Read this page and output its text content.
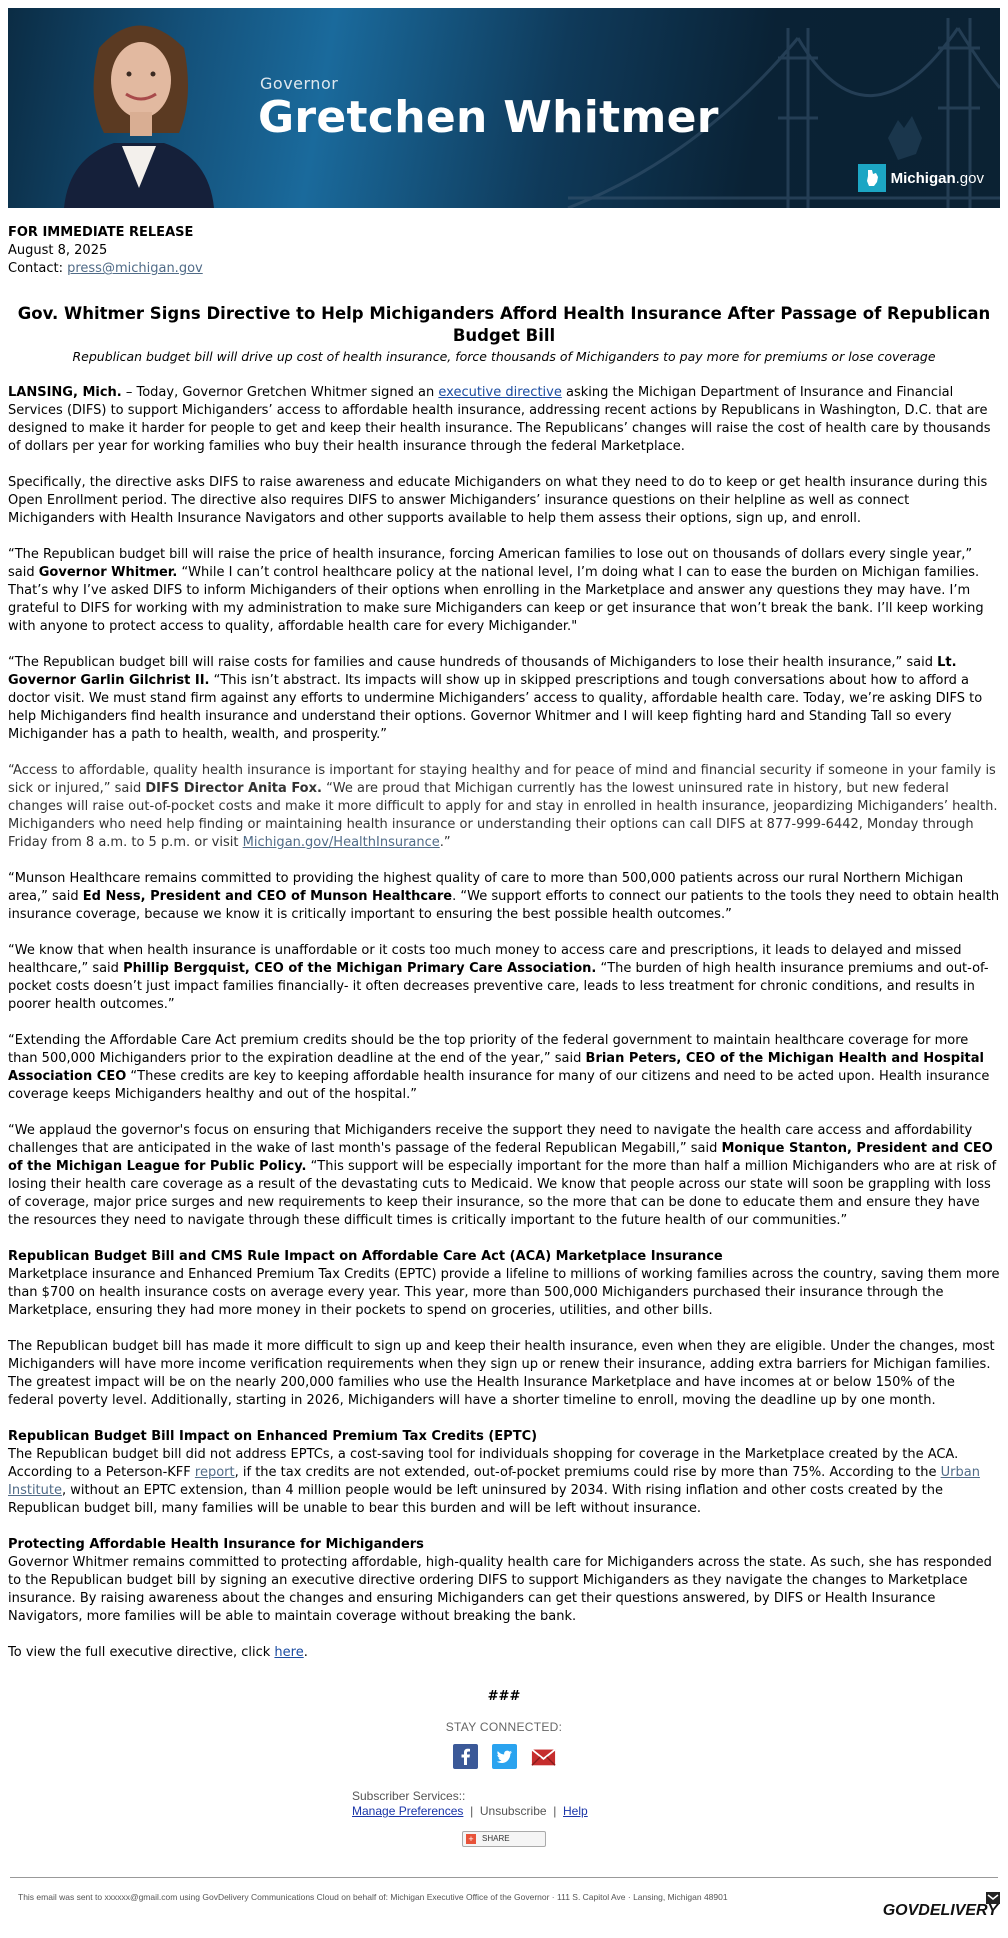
Governor
Gretchen Whitmer
Michigan.gov
FOR IMMEDIATE RELEASE
August 8, 2025
Contact: press@michigan.gov
Gov. Whitmer Signs Directive to Help Michiganders Afford Health Insurance After Passage of Republican Budget Bill
Republican budget bill will drive up cost of health insurance, force thousands of Michiganders to pay more for premiums or lose coverage

LANSING, Mich. – Today, Governor Gretchen Whitmer signed an executive directive asking the Michigan Department of Insurance and Financial Services (DIFS) to support Michiganders’ access to affordable health insurance, addressing recent actions by Republicans in Washington, D.C. that are designed to make it harder for people to get and keep their health insurance. The Republicans’ changes will raise the cost of health care by thousands of dollars per year for working families who buy their health insurance through the federal Marketplace.

Specifically, the directive asks DIFS to raise awareness and educate Michiganders on what they need to do to keep or get health insurance during this Open Enrollment period. The directive also requires DIFS to answer Michiganders’ insurance questions on their helpline as well as connect Michiganders with Health Insurance Navigators and other supports available to help them assess their options, sign up, and enroll.

“The Republican budget bill will raise the price of health insurance, forcing American families to lose out on thousands of dollars every single year,” said Governor Whitmer. “While I can’t control healthcare policy at the national level, I’m doing what I can to ease the burden on Michigan families. That’s why I’ve asked DIFS to inform Michiganders of their options when enrolling in the Marketplace and answer any questions they may have. I’m grateful to DIFS for working with my administration to make sure Michiganders can keep or get insurance that won’t break the bank. I’ll keep working with anyone to protect access to quality, affordable health care for every Michigander."

“The Republican budget bill will raise costs for families and cause hundreds of thousands of Michiganders to lose their health insurance,” said Lt. Governor Garlin Gilchrist II. “This isn’t abstract. Its impacts will show up in skipped prescriptions and tough conversations about how to afford a doctor visit. We must stand firm against any efforts to undermine Michiganders’ access to quality, affordable health care. Today, we’re asking DIFS to help Michiganders find health insurance and understand their options. Governor Whitmer and I will keep fighting hard and Standing Tall so every Michigander has a path to health, wealth, and prosperity.”

“Access to affordable, quality health insurance is important for staying healthy and for peace of mind and financial security if someone in your family is sick or injured,” said DIFS Director Anita Fox. “We are proud that Michigan currently has the lowest uninsured rate in history, but new federal changes will raise out-of-pocket costs and make it more difficult to apply for and stay in enrolled in health insurance, jeopardizing Michiganders’ health. Michiganders who need help finding or maintaining health insurance or understanding their options can call DIFS at 877-999-6442, Monday through Friday from 8 a.m. to 5 p.m. or visit Michigan.gov/HealthInsurance.”

“Munson Healthcare remains committed to providing the highest quality of care to more than 500,000 patients across our rural Northern Michigan area,” said Ed Ness, President and CEO of Munson Healthcare. “We support efforts to connect our patients to the tools they need to obtain health insurance coverage, because we know it is critically important to ensuring the best possible health outcomes.”

“We know that when health insurance is unaffordable or it costs too much money to access care and prescriptions, it leads to delayed and missed healthcare,” said Phillip Bergquist, CEO of the Michigan Primary Care Association. “The burden of high health insurance premiums and out-of-pocket costs doesn’t just impact families financially- it often decreases preventive care, leads to less treatment for chronic conditions, and results in poorer health outcomes.”

“Extending the Affordable Care Act premium credits should be the top priority of the federal government to maintain healthcare coverage for more than 500,000 Michiganders prior to the expiration deadline at the end of the year,” said Brian Peters, CEO of the Michigan Health and Hospital Association CEO “These credits are key to keeping affordable health insurance for many of our citizens and need to be acted upon. Health insurance coverage keeps Michiganders healthy and out of the hospital.”

“We applaud the governor's focus on ensuring that Michiganders receive the support they need to navigate the health care access and affordability challenges that are anticipated in the wake of last month's passage of the federal Republican Megabill,” said Monique Stanton, President and CEO of the Michigan League for Public Policy. “This support will be especially important for the more than half a million Michiganders who are at risk of losing their health care coverage as a result of the devastating cuts to Medicaid. We know that people across our state will soon be grappling with loss of coverage, major price surges and new requirements to keep their insurance, so the more that can be done to educate them and ensure they have the resources they need to navigate through these difficult times is critically important to the future health of our communities.”

Republican Budget Bill and CMS Rule Impact on Affordable Care Act (ACA) Marketplace Insurance
Marketplace insurance and Enhanced Premium Tax Credits (EPTC) provide a lifeline to millions of working families across the country, saving them more than $700 on health insurance costs on average every year. This year, more than 500,000 Michiganders purchased their insurance through the Marketplace, ensuring they had more money in their pockets to spend on groceries, utilities, and other bills.

The Republican budget bill has made it more difficult to sign up and keep their health insurance, even when they are eligible. Under the changes, most Michiganders will have more income verification requirements when they sign up or renew their insurance, adding extra barriers for Michigan families. The greatest impact will be on the nearly 200,000 families who use the Health Insurance Marketplace and have incomes at or below 150% of the federal poverty level. Additionally, starting in 2026, Michiganders will have a shorter timeline to enroll, moving the deadline up by one month.

Republican Budget Bill Impact on Enhanced Premium Tax Credits (EPTC)
The Republican budget bill did not address EPTCs, a cost-saving tool for individuals shopping for coverage in the Marketplace created by the ACA. According to a Peterson-KFF report, if the tax credits are not extended, out-of-pocket premiums could rise by more than 75%. According to the Urban Institute, without an EPTC extension, than 4 million people would be left uninsured by 2034. With rising inflation and other costs created by the Republican budget bill, many families will be unable to bear this burden and will be left without insurance.

Protecting Affordable Health Insurance for Michiganders
Governor Whitmer remains committed to protecting affordable, high-quality health care for Michiganders across the state. As such, she has responded to the Republican budget bill by signing an executive directive ordering DIFS to support Michiganders as they navigate the changes to Marketplace insurance. By raising awareness about the changes and ensuring Michiganders can get their questions answered, by DIFS or Health Insurance Navigators, more families will be able to maintain coverage without breaking the bank.

To view the full executive directive, click here.

###
STAY CONNECTED:
Subscriber Services::
Manage Preferences  |  Unsubscribe  |  Help
+ SHARE
This email was sent to xxxxxx@gmail.com using GovDelivery Communications Cloud on behalf of: Michigan Executive Office of the Governor · 111 S. Capitol Ave · Lansing, Michigan 48901
GOVDELIVERY
